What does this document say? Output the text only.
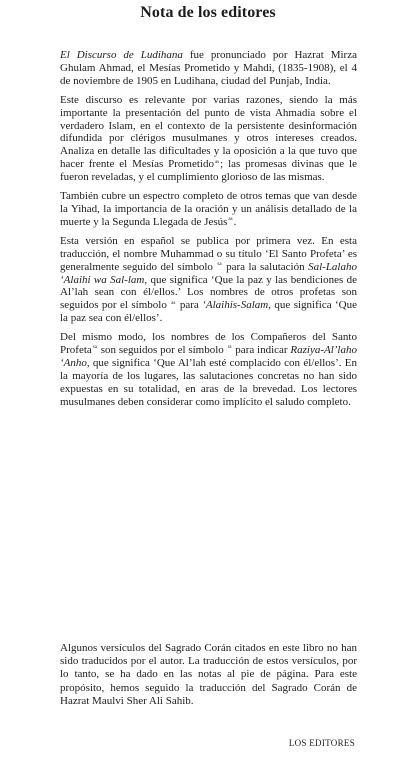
Nota de los editores

El Discurso de Ludihana fue pronunciado por Hazrat Mirza Ghulam Ahmad, el Mesías Prometido y Mahdi, (1835-1908), el 4 de noviembre de 1905 en Ludihana, ciudad del Punjab, India.

Este discurso es relevante por varias razones, siendo la más importante la presentación del punto de vista Ahmadía sobre el verdadero Islam, en el contexto de la persistente desinformación difundida por clérigos musulmanes y otros intereses creados. Analiza en detalle las dificultades y la oposición a la que tuvo que hacer frente el Mesías Prometido$^{as}$; las promesas divinas que le fueron reveladas, y el cumplimiento glorioso de las mismas.

También cubre un espectro completo de otros temas que van desde la Yihad, la importancia de la oración y un análisis detallado de la muerte y la Segunda Llegada de Jesús$^{as}$.

Esta versión en español se publica por primera vez. En esta traducción, el nombre Muhammad o su título ‘El Santo Profeta’ es generalmente seguido del símbolo $^{sa}$ para la salutación Sal-Lalaho ‘Alaihi wa Sal-lam, que significa ‘Que la paz y las bendiciones de Al’lah sean con él/ellos.’ Los nombres de otros profetas son seguidos por el símbolo $^{as}$ para ‘Alaihis-Salam, que significa ‘Que la paz sea con él/ellos’.

Del mismo modo, los nombres de los Compañeros del Santo Profeta$^{sa}$ son seguidos por el símbolo $^{ra}$ para indicar Raziya-Al’laho ‘Anho, que significa ‘Que Al’lah esté complacido con él/ellos’. En la mayoría de los lugares, las salutaciones concretas no han sido expuestas en su totalidad, en aras de la brevedad. Los lectores musulmanes deben considerar como implícito el saludo completo.

Algunos versículos del Sagrado Corán citados en este libro no han sido traducidos por el autor. La traducción de estos versículos, por lo tanto, se ha dado en las notas al pie de página. Para este propósito, hemos seguido la traducción del Sagrado Corán de Hazrat Maulvi Sher Ali Sahib.

LOS EDITORES
